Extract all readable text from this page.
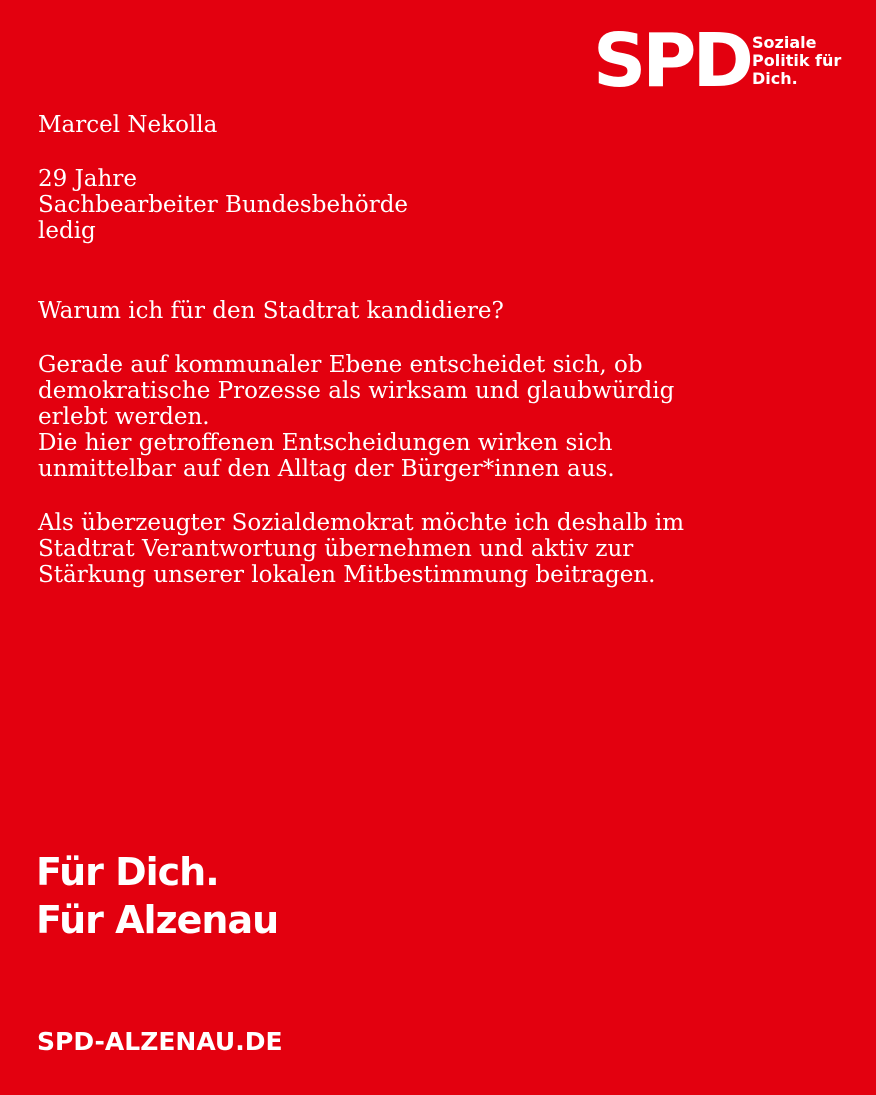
SPD Soziale
Politik für
Dich.

Marcel Nekolla

29 Jahre
Sachbearbeiter Bundesbehörde
ledig

Warum ich für den Stadtrat kandidiere?

Gerade auf kommunaler Ebene entscheidet sich, ob
demokratische Prozesse als wirksam und glaubwürdig
erlebt werden.
Die hier getroffenen Entscheidungen wirken sich
unmittelbar auf den Alltag der Bürger*innen aus.

Als überzeugter Sozialdemokrat möchte ich deshalb im
Stadtrat Verantwortung übernehmen und aktiv zur
Stärkung unserer lokalen Mitbestimmung beitragen.

Für Dich.
Für Alzenau
SPD-ALZENAU.DE
